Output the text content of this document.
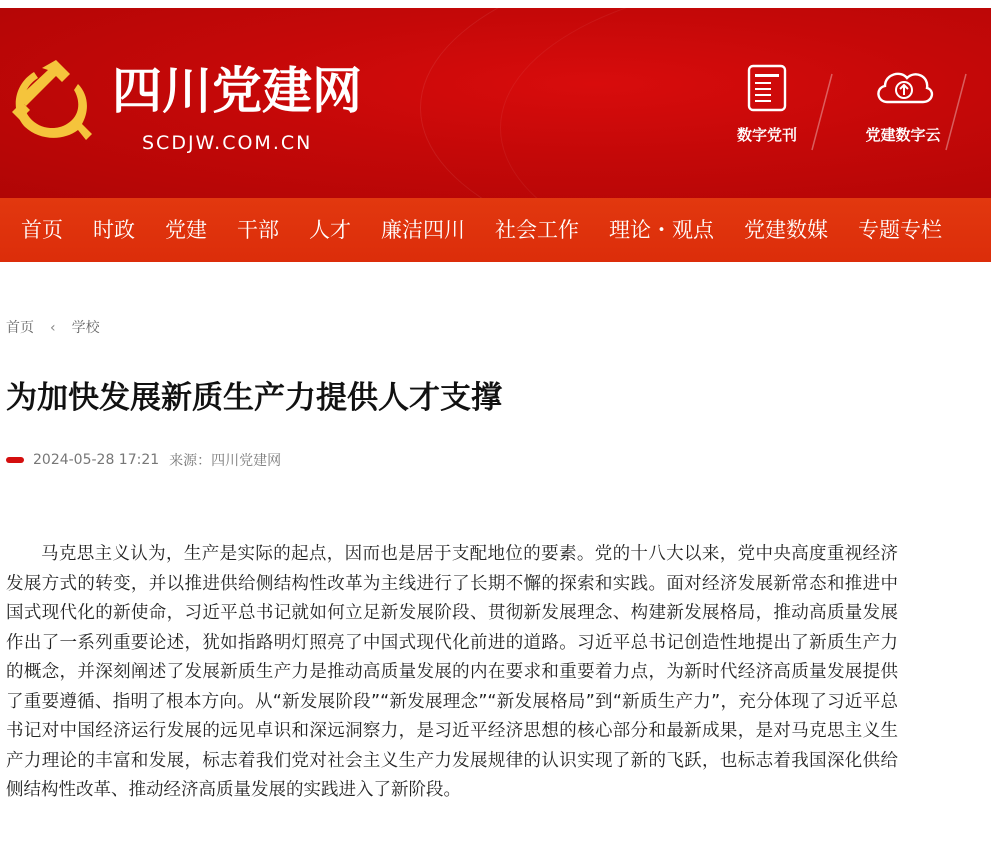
四川党建网
SCDJW.COM.CN	数字党刊	党建数字云
首页	时政	党建	干部	人才	廉洁四川	社会工作	理论・观点	党建数媒	专题专栏
首页 ‹ 学校
为加快发展新质生产力提供人才支撑
2024-05-28 17:21 来源：四川党建网

马克思主义认为，生产是实际的起点，因而也是居于支配地位的要素。党的十八大以来，党中央高度重视经济发展方式的转变，并以推进供给侧结构性改革为主线进行了长期不懈的探索和实践。面对经济发展新常态和推进中国式现代化的新使命，习近平总书记就如何立足新发展阶段、贯彻新发展理念、构建新发展格局，推动高质量发展作出了一系列重要论述，犹如指路明灯照亮了中国式现代化前进的道路。习近平总书记创造性地提出了新质生产力的概念，并深刻阐述了发展新质生产力是推动高质量发展的内在要求和重要着力点，为新时代经济高质量发展提供了重要遵循、指明了根本方向。从“新发展阶段”“新发展理念”“新发展格局”到“新质生产力”，充分体现了习近平总书记对中国经济运行发展的远见卓识和深远洞察力，是习近平经济思想的核心部分和最新成果，是对马克思主义生产力理论的丰富和发展，标志着我们党对社会主义生产力发展规律的认识实现了新的飞跃，也标志着我国深化供给侧结构性改革、推动经济高质量发展的实践进入了新阶段。
